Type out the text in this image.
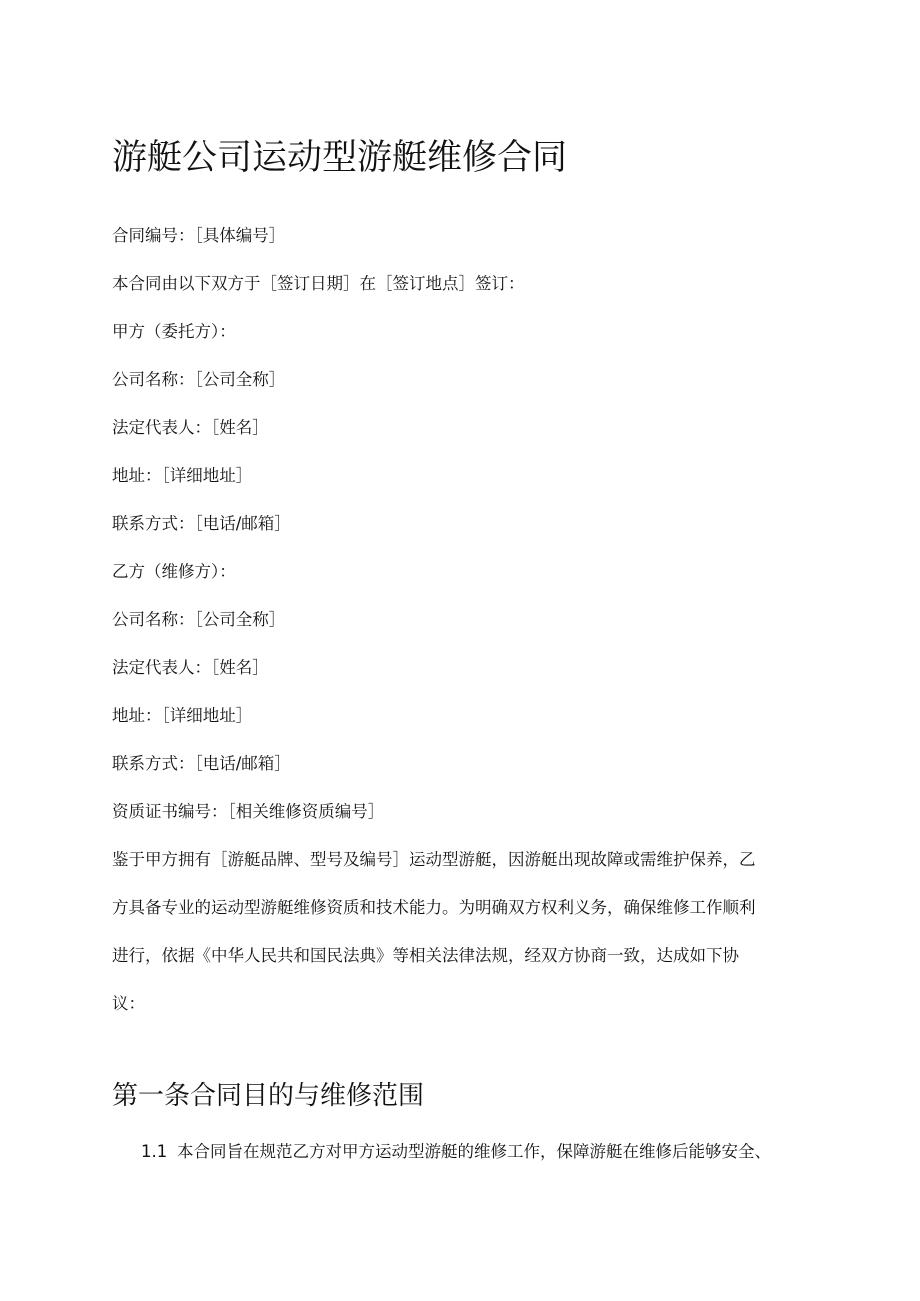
游艇公司运动型游艇维修合同

合同编号：［具体编号］

本合同由以下双方于［签订日期］在［签订地点］签订：

甲方（委托方）：

公司名称：［公司全称］

法定代表人：［姓名］

地址：［详细地址］

联系方式：［电话/邮箱］

乙方（维修方）：

公司名称：［公司全称］

法定代表人：［姓名］

地址：［详细地址］

联系方式：［电话/邮箱］

资质证书编号：［相关维修资质编号］

鉴于甲方拥有［游艇品牌、型号及编号］运动型游艇，因游艇出现故障或需维护保养，乙

方具备专业的运动型游艇维修资质和技术能力。为明确双方权利义务，确保维修工作顺利

进行，依据《中华人民共和国民法典》等相关法律法规，经双方协商一致，达成如下协

议：

第一条合同目的与维修范围

1.1 本合同旨在规范乙方对甲方运动型游艇的维修工作，保障游艇在维修后能够安全、
